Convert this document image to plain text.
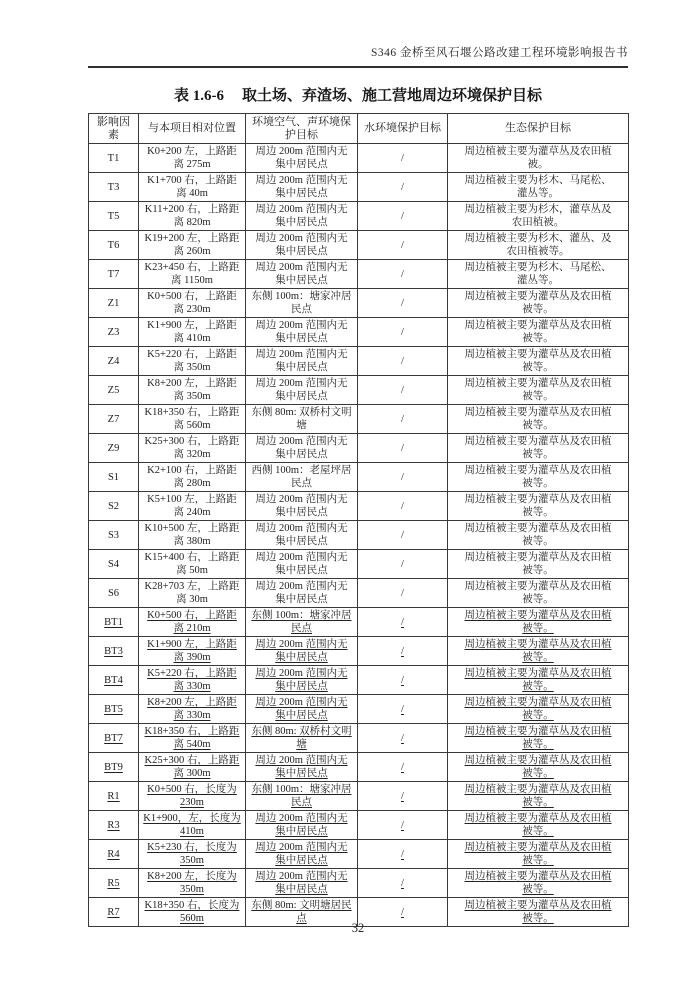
S346 金桥至风石堰公路改建工程环境影响报告书
表 1.6-6 取土场、弃渣场、施工营地周边环境保护目标
影响因素	与本项目相对位置	环境空气、声环境保护目标	水环境保护目标	生态保护目标
T1	K0+200 左，上路距离 275m	周边 200m 范围内无集中居民点	/	周边植被主要为灌草丛及农田植被。
T3	K1+700 右，上路距离 40m	周边 200m 范围内无集中居民点	/	周边植被主要为杉木、马尾松、灌丛等。
T5	K11+200 右，上路距离 820m	周边 200m 范围内无集中居民点	/	周边植被主要为杉木，灌草丛及农田植被。
T6	K19+200 左，上路距离 260m	周边 200m 范围内无集中居民点	/	周边植被主要为杉木、灌丛、及农田植被等。
T7	K23+450 右，上路距离 1150m	周边 200m 范围内无集中居民点	/	周边植被主要为杉木、马尾松、灌丛等。
Z1	K0+500 右，上路距离 230m	东侧 100m：塘家冲居民点	/	周边植被主要为灌草丛及农田植被等。
Z3	K1+900 左，上路距离 410m	周边 200m 范围内无集中居民点	/	周边植被主要为灌草丛及农田植被等。
Z4	K5+220 右，上路距离 350m	周边 200m 范围内无集中居民点	/	周边植被主要为灌草丛及农田植被等。
Z5	K8+200 左，上路距离 350m	周边 200m 范围内无集中居民点	/	周边植被主要为灌草丛及农田植被等。
Z7	K18+350 右，上路距离 560m	东侧 80m: 双桥村文明塘	/	周边植被主要为灌草丛及农田植被等。
Z9	K25+300 右，上路距离 320m	周边 200m 范围内无集中居民点	/	周边植被主要为灌草丛及农田植被等。
S1	K2+100 右，上路距离 280m	西侧 100m：老屋坪居民点	/	周边植被主要为灌草丛及农田植被等。
S2	K5+100 左，上路距离 240m	周边 200m 范围内无集中居民点	/	周边植被主要为灌草丛及农田植被等。
S3	K10+500 左，上路距离 380m	周边 200m 范围内无集中居民点	/	周边植被主要为灌草丛及农田植被等。
S4	K15+400 右，上路距离 50m	周边 200m 范围内无集中居民点	/	周边植被主要为灌草丛及农田植被等。
S6	K28+703 左，上路距离 30m	周边 200m 范围内无集中居民点	/	周边植被主要为灌草丛及农田植被等。
BT1	K0+500 右，上路距离 210m	东侧 100m：塘家冲居民点	/	周边植被主要为灌草丛及农田植被等。
BT3	K1+900 左，上路距离 390m	周边 200m 范围内无集中居民点	/	周边植被主要为灌草丛及农田植被等。
BT4	K5+220 右，上路距离 330m	周边 200m 范围内无集中居民点	/	周边植被主要为灌草丛及农田植被等。
BT5	K8+200 左，上路距离 330m	周边 200m 范围内无集中居民点	/	周边植被主要为灌草丛及农田植被等。
BT7	K18+350 右，上路距离 540m	东侧 80m: 双桥村文明塘	/	周边植被主要为灌草丛及农田植被等。
BT9	K25+300 右，上路距离 300m	周边 200m 范围内无集中居民点	/	周边植被主要为灌草丛及农田植被等。
R1	K0+500 右，长度为 230m	东侧 100m：塘家冲居民点	/	周边植被主要为灌草丛及农田植被等。
R3	K1+900，左，长度为 410m	周边 200m 范围内无集中居民点	/	周边植被主要为灌草丛及农田植被等。
R4	K5+230 右，长度为 350m	周边 200m 范围内无集中居民点	/	周边植被主要为灌草丛及农田植被等。
R5	K8+200 左，长度为 350m	周边 200m 范围内无集中居民点	/	周边植被主要为灌草丛及农田植被等。
R7	K18+350 右，长度为 560m	东侧 80m: 文明塘居民点	/	周边植被主要为灌草丛及农田植被等。
32
